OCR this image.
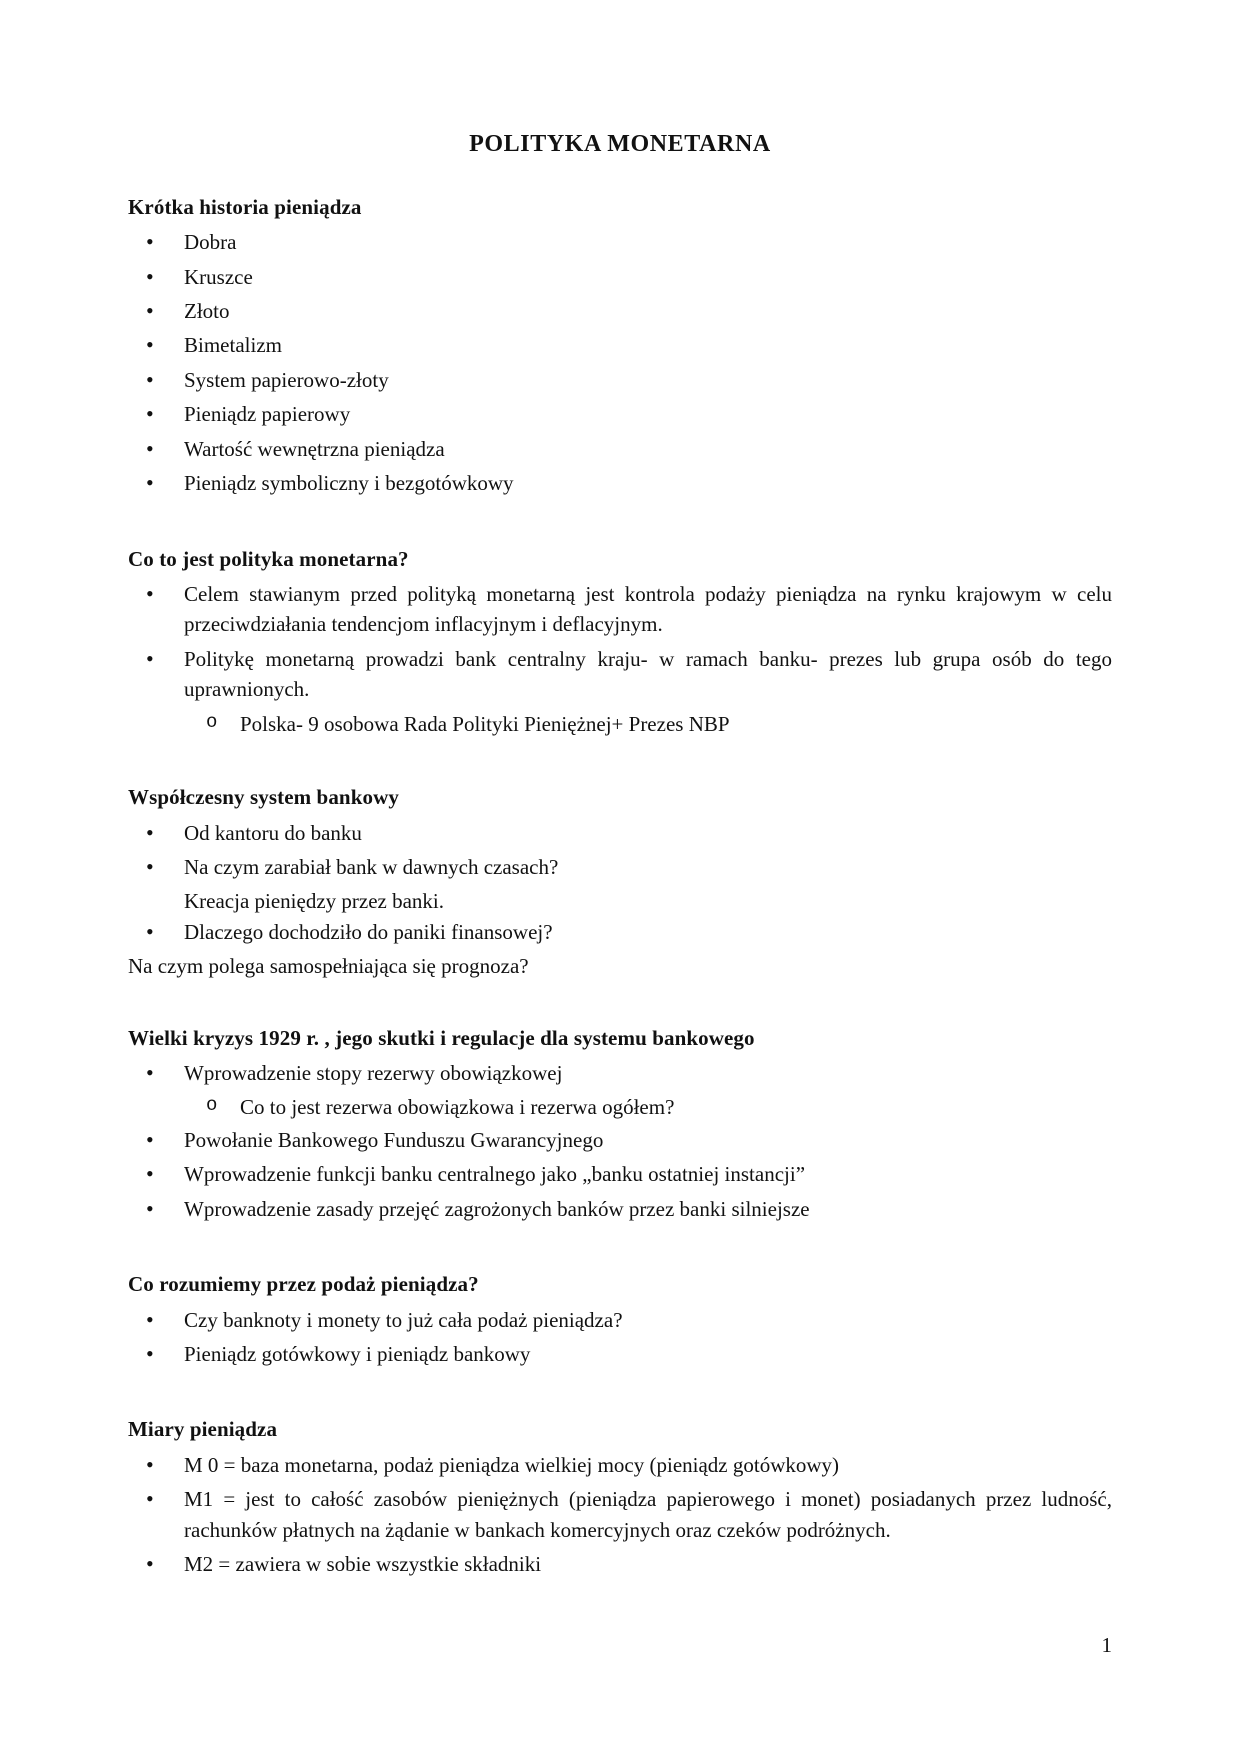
POLITYKA MONETARNA
Krótka historia pieniądza
• Dobra
• Kruszce
• Złoto
• Bimetalizm
• System papierowo-złoty
• Pieniądz papierowy
• Wartość wewnętrzna pieniądza
• Pieniądz symboliczny i bezgotówkowy
Co to jest polityka monetarna?
• Celem stawianym przed polityką monetarną jest kontrola podaży pieniądza na rynku krajowym w celu przeciwdziałania tendencjom inflacyjnym i deflacyjnym.
• Politykę monetarną prowadzi bank centralny kraju- w ramach banku- prezes lub grupa osób do tego uprawnionych.
o Polska- 9 osobowa Rada Polityki Pieniężnej+ Prezes NBP
Współczesny system bankowy
• Od kantoru do banku
• Na czym zarabiał bank w dawnych czasach?
Kreacja pieniędzy przez banki.
• Dlaczego dochodziło do paniki finansowej?
Na czym polega samospełniająca się prognoza?
Wielki kryzys 1929 r. , jego skutki i regulacje dla systemu bankowego
• Wprowadzenie stopy rezerwy obowiązkowej
o Co to jest rezerwa obowiązkowa i rezerwa ogółem?
• Powołanie Bankowego Funduszu Gwarancyjnego
• Wprowadzenie funkcji banku centralnego jako „banku ostatniej instancji”
• Wprowadzenie zasady przejęć zagrożonych banków przez banki silniejsze
Co rozumiemy przez podaż pieniądza?
• Czy banknoty i monety to już cała podaż pieniądza?
• Pieniądz gotówkowy i pieniądz bankowy
Miary pieniądza
• M 0 = baza monetarna, podaż pieniądza wielkiej mocy (pieniądz gotówkowy)
• M1 = jest to całość zasobów pieniężnych (pieniądza papierowego i monet) posiadanych przez ludność, rachunków płatnych na żądanie w bankach komercyjnych oraz czeków podróżnych.
• M2 = zawiera w sobie wszystkie składniki
1
